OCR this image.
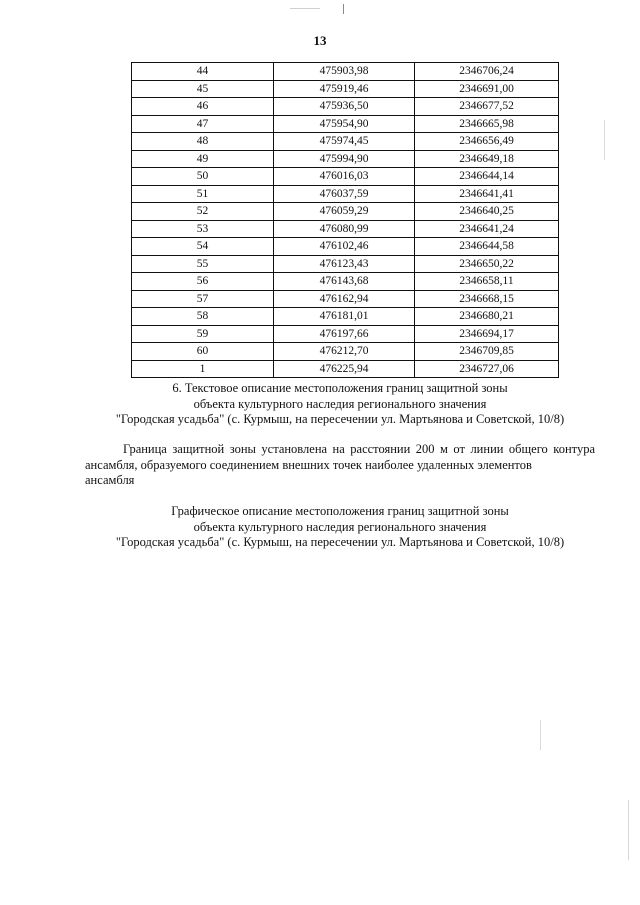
13
44	475903,98	2346706,24
45	475919,46	2346691,00
46	475936,50	2346677,52
47	475954,90	2346665,98
48	475974,45	2346656,49
49	475994,90	2346649,18
50	476016,03	2346644,14
51	476037,59	2346641,41
52	476059,29	2346640,25
53	476080,99	2346641,24
54	476102,46	2346644,58
55	476123,43	2346650,22
56	476143,68	2346658,11
57	476162,94	2346668,15
58	476181,01	2346680,21
59	476197,66	2346694,17
60	476212,70	2346709,85
1	476225,94	2346727,06
6. Текстовое описание местоположения границ защитной зоны
объекта культурного наследия регионального значения
"Городская усадьба" (с. Курмыш, на пересечении ул. Мартьянова и Советской, 10/8)
Граница защитной зоны установлена на расстоянии 200 м от линии общего контура ансамбля, образуемого соединением внешних точек наиболее удаленных элементов
ансамбля
Графическое описание местоположения границ защитной зоны
объекта культурного наследия регионального значения
"Городская усадьба" (с. Курмыш, на пересечении ул. Мартьянова и Советской, 10/8)
